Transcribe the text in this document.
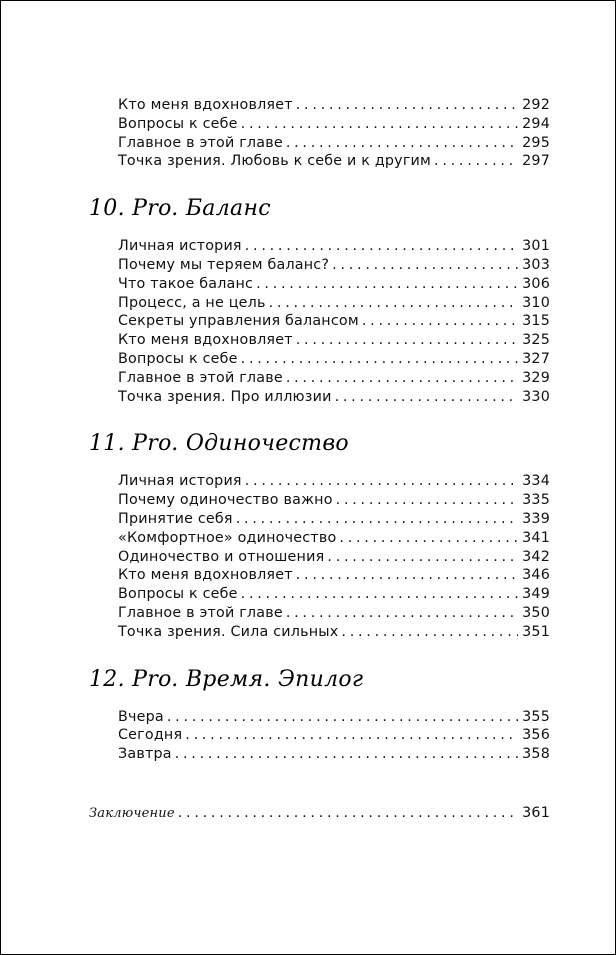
Кто меня вдохновляет . . .	292
Вопросы к себе . . .	294
Главное в этой главе . . .	295
Точка зрения. Любовь к себе и к другим . . .	297
10. Pro. Баланс
Личная история . . .	301
Почему мы теряем баланс? . . .	303
Что такое баланс . . .	306
Процесс, а не цель . . .	310
Секреты управления балансом . . .	315
Кто меня вдохновляет . . .	325
Вопросы к себе . . .	327
Главное в этой главе . . .	329
Точка зрения. Про иллюзии . . .	330
11. Pro. Одиночество
Личная история . . .	334
Почему одиночество важно . . .	335
Принятие себя . . .	339
«Комфортное» одиночество . . .	341
Одиночество и отношения . . .	342
Кто меня вдохновляет . . .	346
Вопросы к себе . . .	349
Главное в этой главе . . .	350
Точка зрения. Сила сильных . . .	351
12. Pro. Время. Эпилог
Вчера . . .	355
Сегодня . . .	356
Завтра . . .	358
Заключение . . .	361
